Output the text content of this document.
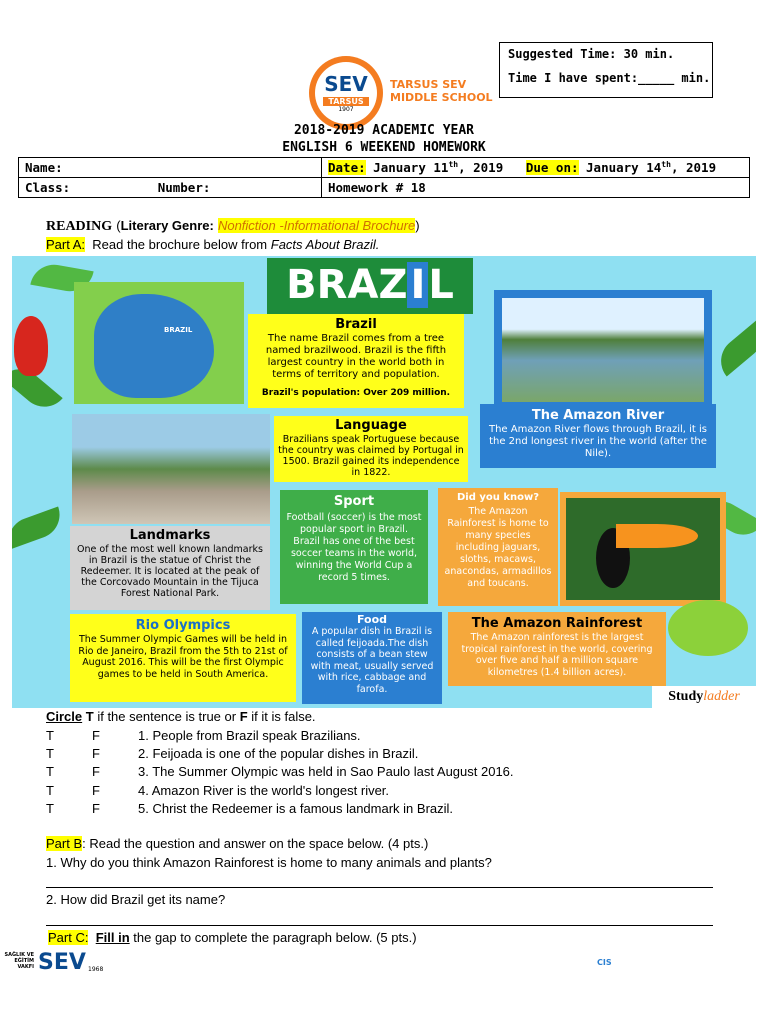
Suggested Time: 30 min.
Time I have spent:_____ min.
SEV
TARSUS
1907
TARSUS SEV
MIDDLE SCHOOL
2018-2019 ACADEMIC YEAR
ENGLISH 6 WEEKEND HOMEWORK
Name:	Date: January 11th, 2019 Due on: January 14th, 2019
Class: Number:	Homework # 18
READING (Literary Genre: Nonfiction -Informational Brochure)
Part A: Read the brochure below from Facts About Brazil.
B R A Z I L
BRAZIL	Brazil
The name Brazil comes from a tree named brazilwood. Brazil is the fifth largest country in the world both in terms of territory and population.
Brazil's population: Over 209 million.
The Amazon River
The Amazon River flows through Brazil, it is the 2nd longest river in the world (after the Nile).
Language
Brazilians speak Portuguese because the country was claimed by Portugal in 1500. Brazil gained its independence in 1822.
Landmarks
One of the most well known landmarks in Brazil is the statue of Christ the Redeemer. It is located at the peak of the Corcovado Mountain in the Tijuca Forest National Park.
Sport
Football (soccer) is the most popular sport in Brazil. Brazil has one of the best soccer teams in the world, winning the World Cup a record 5 times.
Did you know?
The Amazon Rainforest is home to many species including jaguars, sloths, macaws, anacondas, armadillos and toucans.
Rio Olympics
The Summer Olympic Games will be held in Rio de Janeiro, Brazil from the 5th to 21st of August 2016. This will be the first Olympic games to be held in South America.
Food
A popular dish in Brazil is called feijoada.The dish consists of a bean stew with meat, usually served with rice, cabbage and farofa.
The Amazon Rainforest
The Amazon rainforest is the largest tropical rainforest in the world, covering over five and half a million square kilometres (1.4 billion acres).
Studyladder
Circle T if the sentence is true or F if it is false.
T	F	1. People from Brazil speak Brazilians.
T	F	2. Feijoada is one of the popular dishes in Brazil.
T	F	3. The Summer Olympic was held in Sao Paulo last August 2016.
T	F	4. Amazon River is the world's longest river.
T	F	5. Christ the Redeemer is a famous landmark in Brazil.
Part B: Read the question and answer on the space below. (4 pts.)
1. Why do you think Amazon Rainforest is home to many animals and plants?
2. How did Brazil get its name?
Part C: Fill in the gap to complete the paragraph below. (5 pts.)
SAĞLIK VE
EĞİTİM
VAKFI SEV 1968
CIS
